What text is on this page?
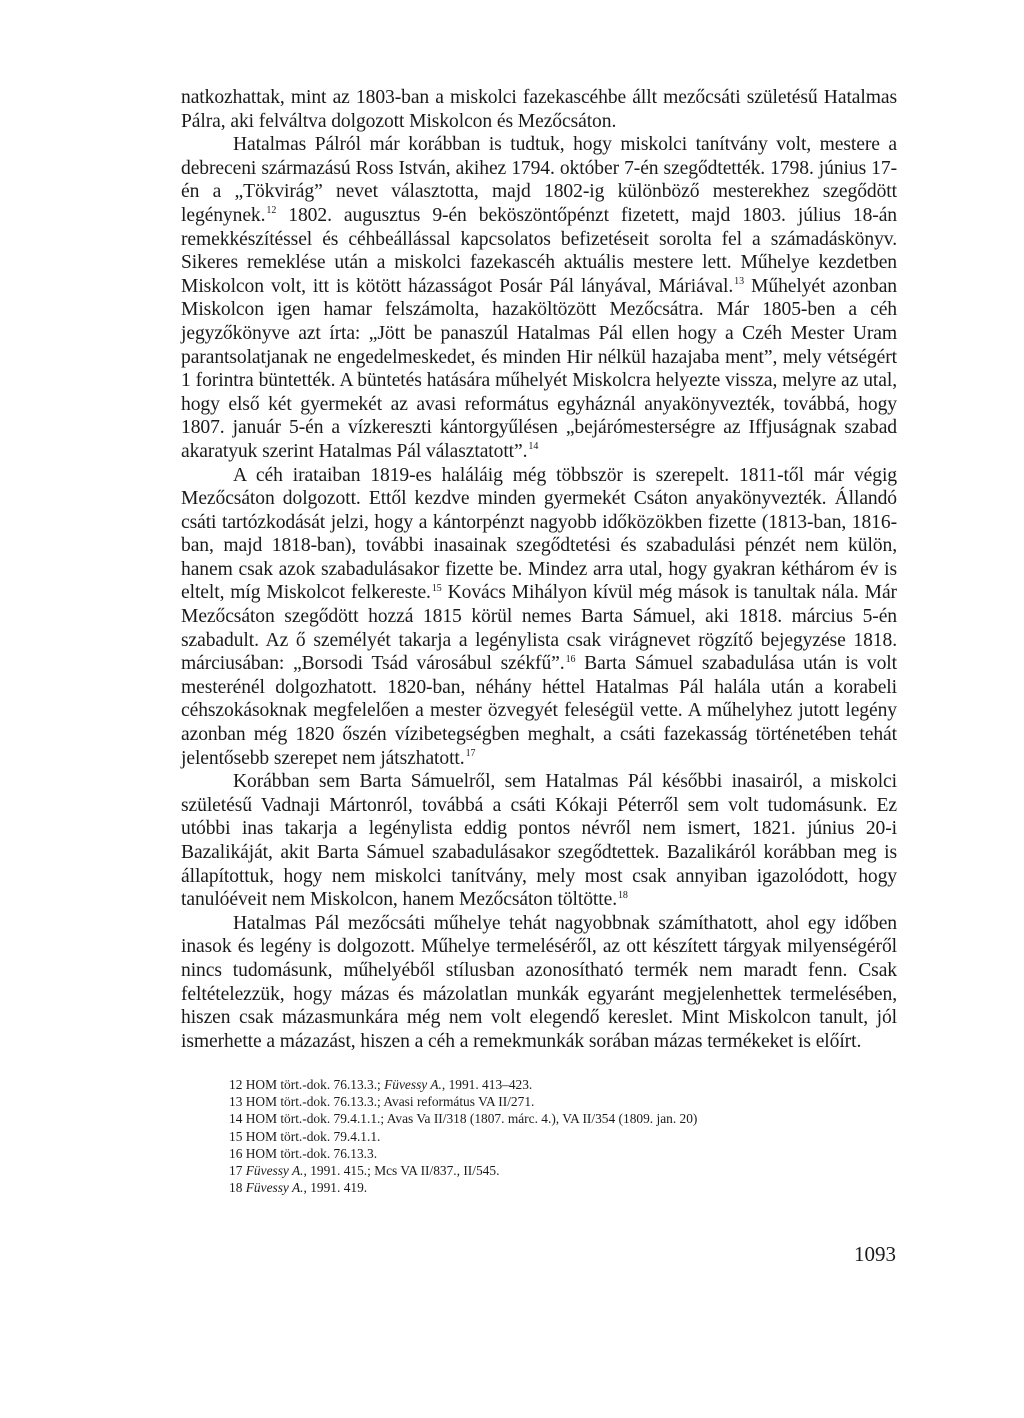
natkozhattak, mint az 1803-ban a miskolci fazekascéhbe állt mezőcsáti születésű Hatalmas Pálra, aki felváltva dolgozott Miskolcon és Mezőcsáton.

Hatalmas Pálról már korábban is tudtuk, hogy miskolci tanítvány volt, mestere a debreceni származású Ross István, akihez 1794. október 7-én szegődtették. 1798. június 17-én a „Tökvirág” nevet választotta, majd 1802-ig különböző mesterekhez szegődött legénynek.$^{12}$ 1802. augusztus 9-én beköszöntőpénzt fizetett, majd 1803. július 18-án remekkészítéssel és céhbeállással kapcsolatos befizetéseit sorolta fel a számadáskönyv. Sikeres remeklése után a miskolci fazekascéh aktuális mestere lett. Műhelye kezdetben Miskolcon volt, itt is kötött házasságot Posár Pál lányával, Máriával.$^{13}$ Műhelyét azonban Miskolcon igen hamar felszámolta, hazaköltözött Mezőcsátra. Már 1805-ben a céh jegyzőkönyve azt írta: „Jött be panaszúl Hatalmas Pál ellen hogy a Czéh Mester Uram parantsolatjanak ne engedelmeskedet, és minden Hir nélkül hazajaba ment”, mely vétségért 1 forintra büntették. A büntetés hatására műhelyét Miskolcra helyezte vissza, melyre az utal, hogy első két gyermekét az avasi református egyháznál anyakönyvezték, továbbá, hogy 1807. január 5-én a vízkereszti kántorgyűlésen „bejárómesterségre az Iffjuságnak szabad akaratyuk szerint Hatalmas Pál választatott”.$^{14}$

A céh irataiban 1819-es haláláig még többször is szerepelt. 1811-től már végig Mezőcsáton dolgozott. Ettől kezdve minden gyermekét Csáton anyakönyvezték. Állandó csáti tartózkodását jelzi, hogy a kántorpénzt nagyobb időközökben fizette (1813-ban, 1816-ban, majd 1818-ban), további inasainak szegődtetési és szabadulási pénzét nem külön, hanem csak azok szabadulásakor fizette be. Mindez arra utal, hogy gyakran kéthárom év is eltelt, míg Miskolcot felkereste.$^{15}$ Kovács Mihályon kívül még mások is tanultak nála. Már Mezőcsáton szegődött hozzá 1815 körül nemes Barta Sámuel, aki 1818. március 5-én szabadult. Az ő személyét takarja a legénylista csak virágnevet rögzítő bejegyzése 1818. márciusában: „Borsodi Tsád városábul székfű”.$^{16}$ Barta Sámuel szabadulása után is volt mesterénél dolgozhatott. 1820-ban, néhány héttel Hatalmas Pál halála után a korabeli céhszokásoknak megfelelően a mester özvegyét feleségül vette. A műhelyhez jutott legény azonban még 1820 őszén vízibetegségben meghalt, a csáti fazekasság történetében tehát jelentősebb szerepet nem játszhatott.$^{17}$

Korábban sem Barta Sámuelről, sem Hatalmas Pál későbbi inasairól, a miskolci születésű Vadnaji Mártonról, továbbá a csáti Kókaji Péterről sem volt tudomásunk. Ez utóbbi inas takarja a legénylista eddig pontos névről nem ismert, 1821. június 20-i Bazalikáját, akit Barta Sámuel szabadulásakor szegődtettek. Bazalikáról korábban meg is állapítottuk, hogy nem miskolci tanítvány, mely most csak annyiban igazolódott, hogy tanulóéveit nem Miskolcon, hanem Mezőcsáton töltötte.$^{18}$

Hatalmas Pál mezőcsáti műhelye tehát nagyobbnak számíthatott, ahol egy időben inasok és legény is dolgozott. Műhelye termeléséről, az ott készített tárgyak milyenségéről nincs tudomásunk, műhelyéből stílusban azonosítható termék nem maradt fenn. Csak feltételezzük, hogy mázas és mázolatlan munkák egyaránt megjelenhettek termelésében, hiszen csak mázasmunkára még nem volt elegendő kereslet. Mint Miskolcon tanult, jól ismerhette a mázazást, hiszen a céh a remekmunkák sorában mázas termékeket is előírt.

12 HOM tört.-dok. 76.13.3.; Füvessy A., 1991. 413–423.
13 HOM tört.-dok. 76.13.3.; Avasi református VA II/271.
14 HOM tört.-dok. 79.4.1.1.; Avas Va II/318 (1807. márc. 4.), VA II/354 (1809. jan. 20)
15 HOM tört.-dok. 79.4.1.1.
16 HOM tört.-dok. 76.13.3.
17 Füvessy A., 1991. 415.; Mcs VA II/837., II/545.
18 Füvessy A., 1991. 419.
1093
